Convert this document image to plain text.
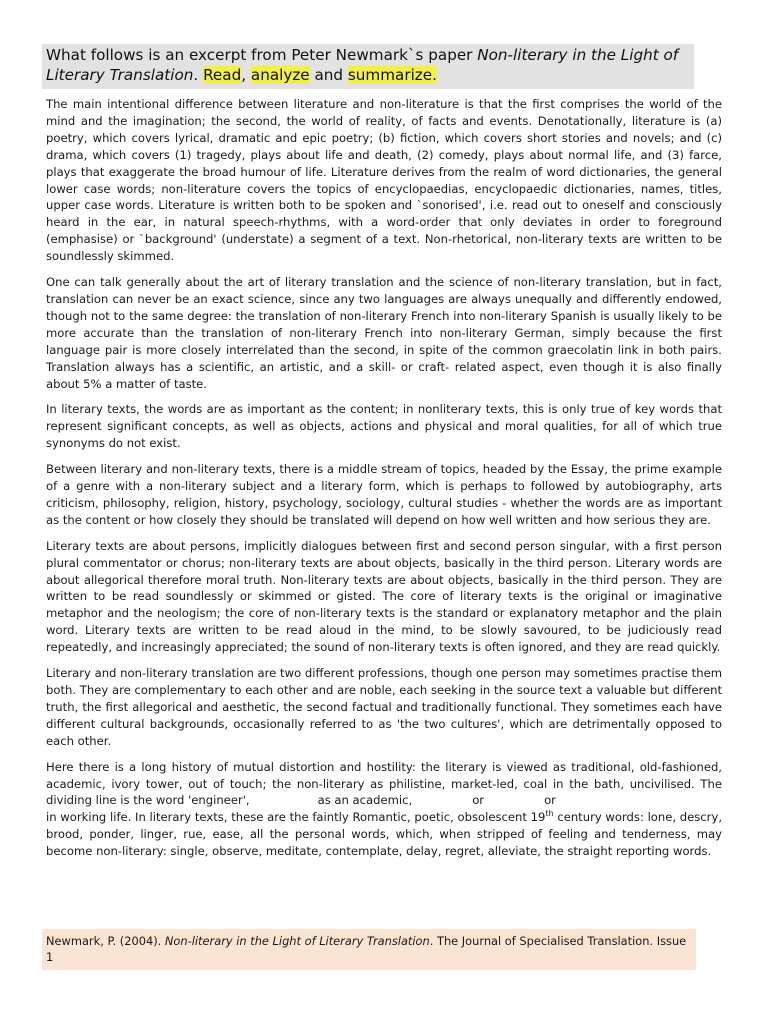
What follows is an excerpt from Peter Newmark`s paper Non-literary in the Light of Literary Translation. Read, analyze and summarize.

The main intentional difference between literature and non-literature is that the first comprises the world of the mind and the imagination; the second, the world of reality, of facts and events. Denotationally, literature is (a) poetry, which covers lyrical, dramatic and epic poetry; (b) fiction, which covers short stories and novels; and (c) drama, which covers (1) tragedy, plays about life and death, (2) comedy, plays about normal life, and (3) farce, plays that exaggerate the broad humour of life. Literature derives from the realm of word dictionaries, the general lower case words; non-literature covers the topics of encyclopaedias, encyclopaedic dictionaries, names, titles, upper case words. Literature is written both to be spoken and `sonorised', i.e. read out to oneself and consciously heard in the ear, in natural speech-rhythms, with a word-order that only deviates in order to foreground (emphasise) or `background' (understate) a segment of a text. Non-rhetorical, non-literary texts are written to be soundlessly skimmed.

One can talk generally about the art of literary translation and the science of non-literary translation, but in fact, translation can never be an exact science, since any two languages are always unequally and differently endowed, though not to the same degree: the translation of non-literary French into non-literary Spanish is usually likely to be more accurate than the translation of non-literary French into non-literary German, simply because the first language pair is more closely interrelated than the second, in spite of the common graecolatin link in both pairs. Translation always has a scientific, an artistic, and a skill- or craft- related aspect, even though it is also finally about 5% a matter of taste.

In literary texts, the words are as important as the content; in nonliterary texts, this is only true of key words that represent significant concepts, as well as objects, actions and physical and moral qualities, for all of which true synonyms do not exist.

Between literary and non-literary texts, there is a middle stream of topics, headed by the Essay, the prime example of a genre with a non-literary subject and a literary form, which is perhaps to followed by autobiography, arts criticism, philosophy, religion, history, psychology, sociology, cultural studies - whether the words are as important as the content or how closely they should be translated will depend on how well written and how serious they are.

Literary texts are about persons, implicitly dialogues between first and second person singular, with a first person plural commentator or chorus; non-literary texts are about objects, basically in the third person. Literary words are about allegorical therefore moral truth. Non-literary texts are about objects, basically in the third person. They are written to be read soundlessly or skimmed or gisted. The core of literary texts is the original or imaginative metaphor and the neologism; the core of non-literary texts is the standard or explanatory metaphor and the plain word. Literary texts are written to be read aloud in the mind, to be slowly savoured, to be judiciously read repeatedly, and increasingly appreciated; the sound of non-literary texts is often ignored, and they are read quickly.

Literary and non-literary translation are two different professions, though one person may sometimes practise them both. They are complementary to each other and are noble, each seeking in the source text a valuable but different truth, the first allegorical and aesthetic, the second factual and traditionally functional. They sometimes each have different cultural backgrounds, occasionally referred to as 'the two cultures', which are detrimentally opposed to each other.

Here there is a long history of mutual distortion and hostility: the literary is viewed as traditional, old-fashioned, academic, ivory tower, out of touch; the non-literary as philistine, market-led, coal in the bath, uncivilised. The dividing line is the word 'engineer',	as an academic,	or	or
in working life. In literary texts, these are the faintly Romantic, poetic, obsolescent 19th century words: lone, descry, brood, ponder, linger, rue, ease, all the personal words, which, when stripped of feeling and tenderness, may become non-literary: single, observe, meditate, contemplate, delay, regret, alleviate, the straight reporting words.

Newmark, P. (2004). Non-literary in the Light of Literary Translation. The Journal of Specialised Translation. Issue 1
